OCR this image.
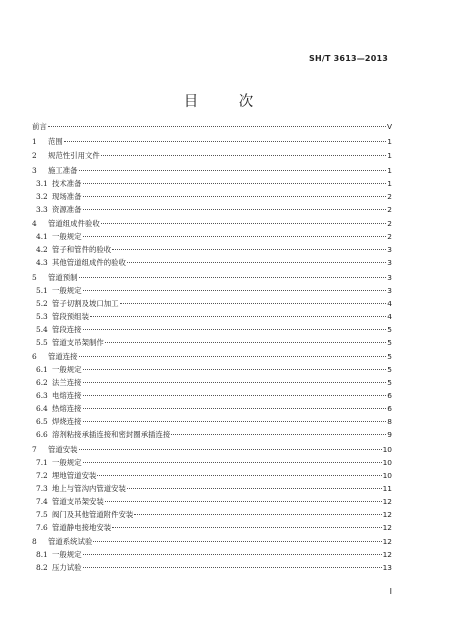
SH/T 3613—2013
目　次
前言	V
1	范围	1
2	规范性引用文件	1
3	施工准备	1
3.1 技术准备	1
3.2 现场准备	2
3.3 资源准备	2
4	管道组成件验收	2
4.1 一般规定	2
4.2 管子和管件的验收	3
4.3 其他管道组成件的验收	3
5	管道预制	3
5.1 一般规定	3
5.2 管子切割及坡口加工	4
5.3 管段预组装	4
5.4 管段连接	5
5.5 管道支吊架制作	5
6	管道连接	5
6.1 一般规定	5
6.2 法兰连接	5
6.3 电熔连接	6
6.4 热熔连接	6
6.5 焊烧连接	8
6.6 溶剂粘接承插连接和密封圈承插连接	9
7	管道安装	10
7.1 一般规定	10
7.2 埋地管道安装	10
7.3 地上与管沟内管道安装	11
7.4 管道支吊架安装	12
7.5 阀门及其他管道附件安装	12
7.6 管道静电接地安装	12
8	管道系统试验	12
8.1 一般规定	12
8.2 压力试验	13
I
